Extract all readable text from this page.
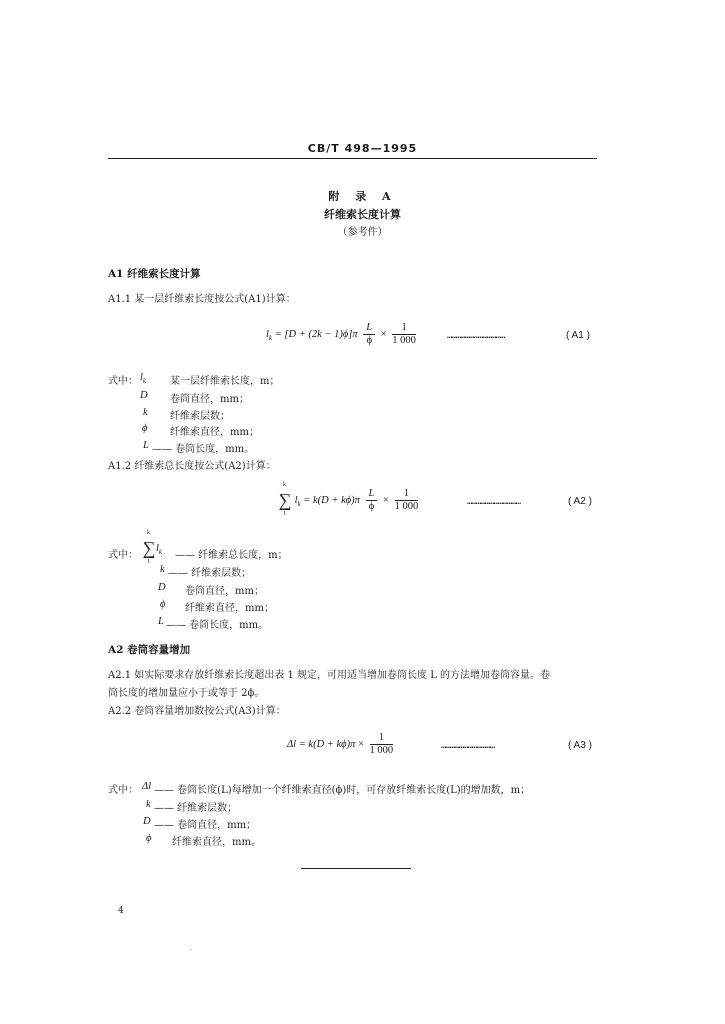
CB/T 498—1995
附 录 A
纤维索长度计算
（参考件）
A1 纤维索长度计算
A1.1 某一层纤维索长度按公式(A1)计算：
$l_k = [D + (2k - 1)\phi]\pi \frac{L}{\phi} \times \frac{1}{1 000}$	…………………………………	( A1 )
式中： $l_k$ 某一层纤维索长度，m；
D 卷筒直径，mm；
k 纤维索层数；
ϕ 纤维索直径，mm；
L —— 卷筒长度，mm。
A1.2 纤维索总长度按公式(A2)计算：
∑
k
1
$l_k = k(D + k\phi)\pi \frac{L}{\phi} \times \frac{1}{1 000}$	………………………………	( A2 )
式中： ∑
k
1
$l_k$ —— 纤维索总长度，m；
k —— 纤维索层数；
D 卷筒直径，mm；
ϕ 纤维索直径，mm；
L —— 卷筒长度，mm。
A2 卷筒容量增加
A2.1 如实际要求存放纤维索长度超出表 1 规定，可用适当增加卷筒长度 L 的方法增加卷筒容量。卷
筒长度的增加量应小于或等于 2ϕ。
A2.2 卷筒容量增加数按公式(A3)计算：
$\Delta l = k(D + k\phi)\pi \times \frac{1}{1 000}$	………………………………	( A3 )
式中： Δl —— 卷筒长度(L)每增加一个纤维索直径(ϕ)时，可存放纤维索长度(L)的增加数，m；
k —— 纤维索层数；
D —— 卷筒直径，mm；
ϕ 纤维索直径，mm。
4
.
